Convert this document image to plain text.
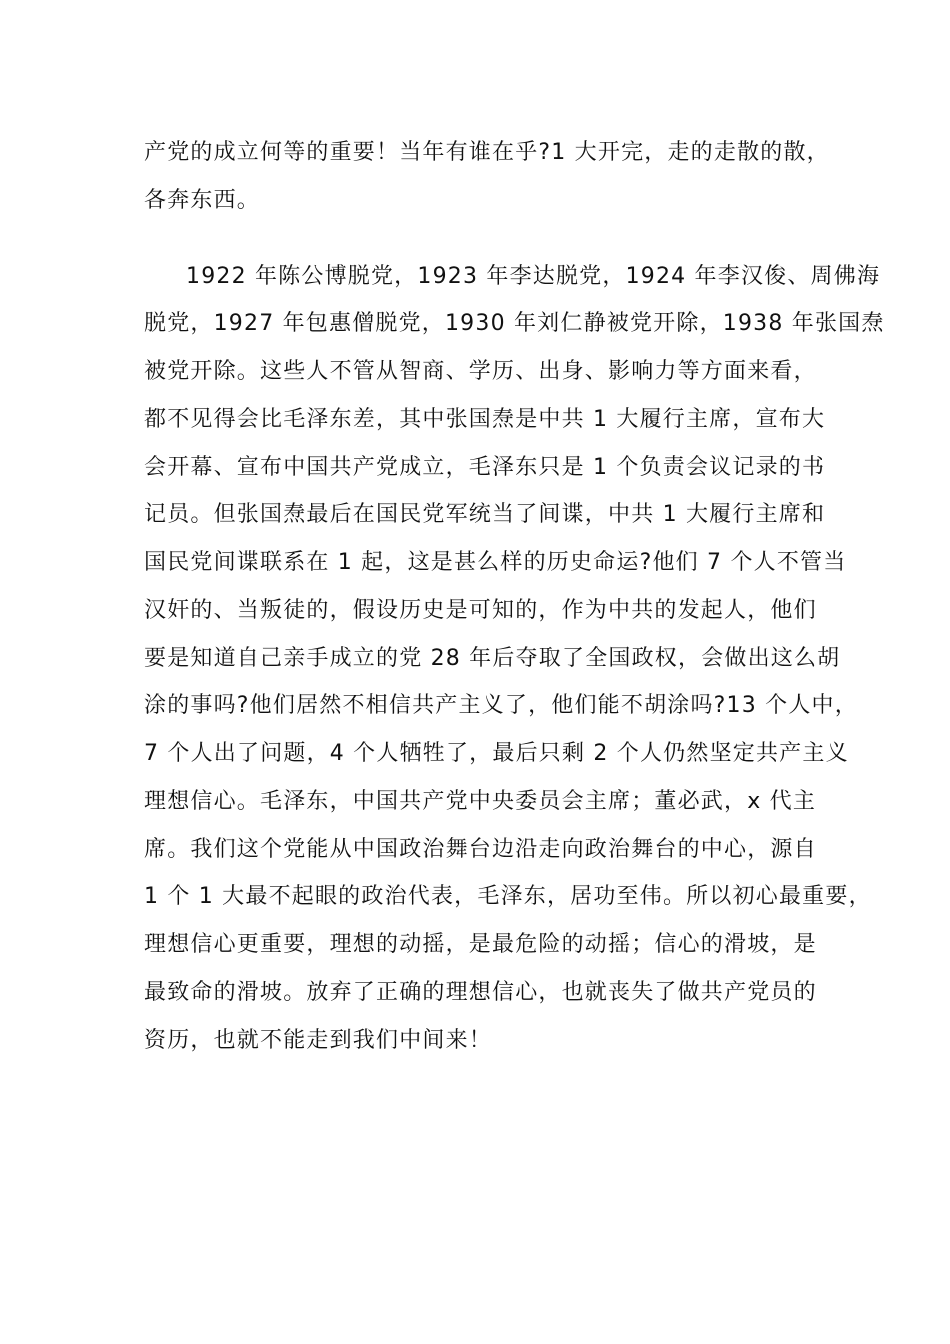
产党的成立何等的重要！当年有谁在乎?1 大开完，走的走散的散，

各奔东西。

1922 年陈公博脱党，1923 年李达脱党，1924 年李汉俊、周佛海

脱党，1927 年包惠僧脱党，1930 年刘仁静被党开除，1938 年张国焘

被党开除。这些人不管从智商、学历、出身、影响力等方面来看，

都不见得会比毛泽东差，其中张国焘是中共 1 大履行主席，宣布大

会开幕、宣布中国共产党成立，毛泽东只是 1 个负责会议记录的书

记员。但张国焘最后在国民党军统当了间谍，中共 1 大履行主席和

国民党间谍联系在 1 起，这是甚么样的历史命运?他们 7 个人不管当

汉奸的、当叛徒的，假设历史是可知的，作为中共的发起人，他们

要是知道自己亲手成立的党 28 年后夺取了全国政权，会做出这么胡

涂的事吗?他们居然不相信共产主义了，他们能不胡涂吗?13 个人中，

7 个人出了问题，4 个人牺牲了，最后只剩 2 个人仍然坚定共产主义

理想信心。毛泽东，中国共产党中央委员会主席；董必武，x 代主

席。我们这个党能从中国政治舞台边沿走向政治舞台的中心，源自

1 个 1 大最不起眼的政治代表，毛泽东，居功至伟。所以初心最重要，

理想信心更重要，理想的动摇，是最危险的动摇；信心的滑坡，是

最致命的滑坡。放弃了正确的理想信心，也就丧失了做共产党员的

资历，也就不能走到我们中间来！
